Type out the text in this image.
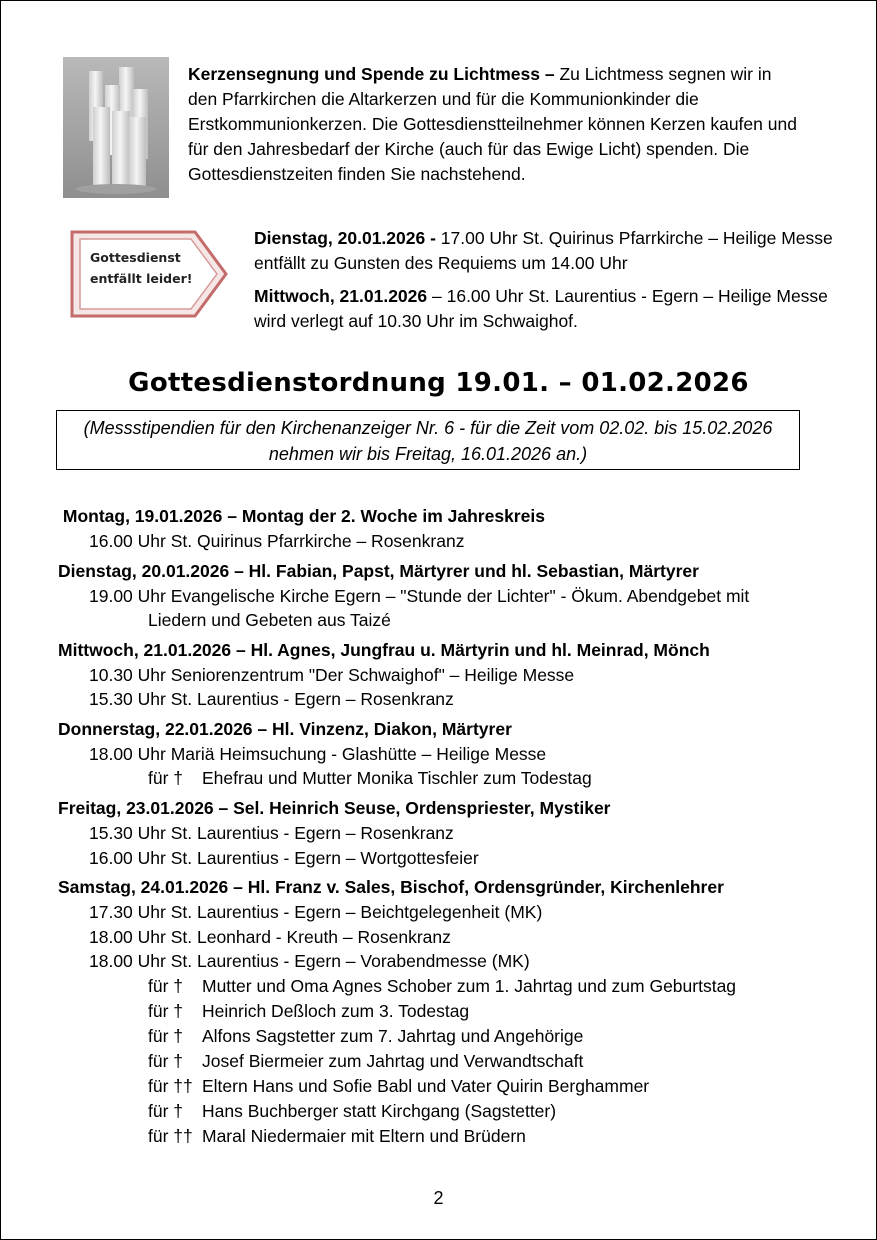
Kerzensegnung und Spende zu Lichtmess – Zu Lichtmess segnen wir in den Pfarrkirchen die Altarkerzen und für die Kommunionkinder die Erstkommunionkerzen. Die Gottesdienstteilnehmer können Kerzen kaufen und für den Jahresbedarf der Kirche (auch für das Ewige Licht) spenden. Die Gottesdienstzeiten finden Sie nachstehend.
Gottesdienst
entfällt leider!

Dienstag, 20.01.2026 - 17.00 Uhr St. Quirinus Pfarrkirche – Heilige Messe entfällt zu Gunsten des Requiems um 14.00 Uhr

Mittwoch, 21.01.2026 – 16.00 Uhr St. Laurentius - Egern – Heilige Messe wird verlegt auf 10.30 Uhr im Schwaighof.

Gottesdienstordnung 19.01. – 01.02.2026
(Messstipendien für den Kirchenanzeiger Nr. 6 - für die Zeit vom 02.02. bis 15.02.2026 nehmen wir bis Freitag, 16.01.2026 an.)
Montag, 19.01.2026 – Montag der 2. Woche im Jahreskreis
16.00 Uhr St. Quirinus Pfarrkirche – Rosenkranz
Dienstag, 20.01.2026 – Hl. Fabian, Papst, Märtyrer und hl. Sebastian, Märtyrer
19.00 Uhr Evangelische Kirche Egern – "Stunde der Lichter" - Ökum. Abendgebet mit
Liedern und Gebeten aus Taizé
Mittwoch, 21.01.2026 – Hl. Agnes, Jungfrau u. Märtyrin und hl. Meinrad, Mönch
10.30 Uhr Seniorenzentrum "Der Schwaighof" – Heilige Messe
15.30 Uhr St. Laurentius - Egern – Rosenkranz
Donnerstag, 22.01.2026 – Hl. Vinzenz, Diakon, Märtyrer
18.00 Uhr Mariä Heimsuchung - Glashütte – Heilige Messe
für † Ehefrau und Mutter Monika Tischler zum Todestag
Freitag, 23.01.2026 – Sel. Heinrich Seuse, Ordenspriester, Mystiker
15.30 Uhr St. Laurentius - Egern – Rosenkranz
16.00 Uhr St. Laurentius - Egern – Wortgottesfeier
Samstag, 24.01.2026 – Hl. Franz v. Sales, Bischof, Ordensgründer, Kirchenlehrer
17.30 Uhr St. Laurentius - Egern – Beichtgelegenheit (MK)
18.00 Uhr St. Leonhard - Kreuth – Rosenkranz
18.00 Uhr St. Laurentius - Egern – Vorabendmesse (MK)
für † Mutter und Oma Agnes Schober zum 1. Jahrtag und zum Geburtstag
für † Heinrich Deßloch zum 3. Todestag
für † Alfons Sagstetter zum 7. Jahrtag und Angehörige
für † Josef Biermeier zum Jahrtag und Verwandtschaft
für †† Eltern Hans und Sofie Babl und Vater Quirin Berghammer
für † Hans Buchberger statt Kirchgang (Sagstetter)
für †† Maral Niedermaier mit Eltern und Brüdern
2
